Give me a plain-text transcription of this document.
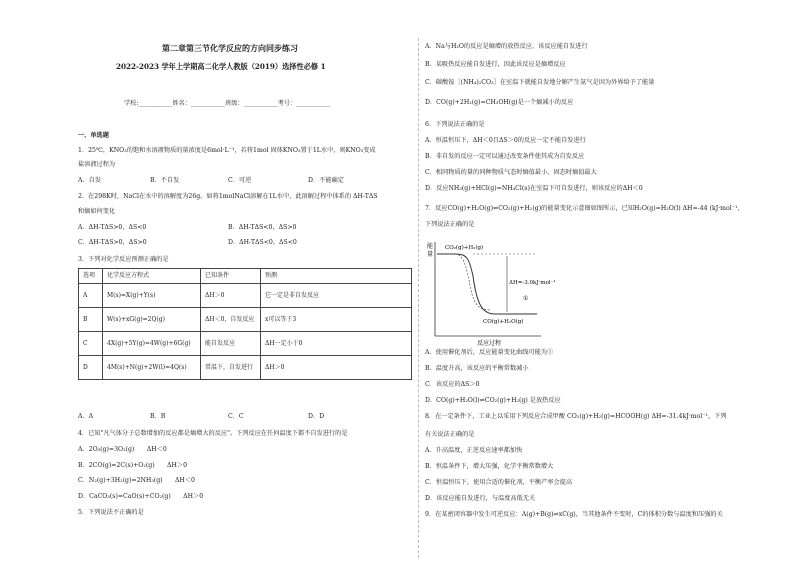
第二章第三节化学反应的方向同步练习
2022-2023 学年上学期高二化学人教版（2019）选择性必修 1
学校:___________姓名：___________班级：___________考号：___________
一、单选题
1．25℃，KNO₃的饱和水溶液物质的量浓度是6mol·L⁻¹，若将1mol 固体KNO₃置于1L水中，则KNO₃变成
盐溶液过程为
A．自发	B．不自发	C．可逆	D．不能确定
2．在298K时，NaCl在水中的溶解度为26g。如将1molNaCl溶解在1L水中，此溶解过程中体系的 ΔH-TΔS
和熵如何变化
A．ΔH-TΔS>0，ΔS<0	B．ΔH-TΔS<0，ΔS>0
C．ΔH-TΔS>0，ΔS>0	D．ΔH-TΔS<0，ΔS<0
3．下列对化学反应预测正确的是
选项	化学反应方程式	已知条件	预测
A	M(s)=X(g)+Y(s)	ΔH＞0	它一定是非自发反应
B	W(s)+xG(g)=2Q(g)	ΔH＜0，自发反应	x可以等于3
C	4X(g)+5Y(g)=4W(g)+6G(g)	能自发反应	ΔH一定小于0
D	4M(s)+N(g)+2W(l)=4Q(s)	常温下，自发进行	ΔH＞0
A．A	B．B	C．C	D．D
4．已知"凡气体分子总数增加的反应都是熵增大的反应"。下列反应在任何温度下都不自发进行的是
A．2O₃(g)=3O₂(g)　　ΔH＜0
B．2CO(g)=2C(s)+O₂(g)　　ΔH＞0
C．N₂(g)+3H₂(g)=2NH₃(g)　　ΔH＜0
D．CaCO₃(s)=CaO(s)+CO₂(g)　　ΔH＞0
5．下列说法不正确的是
A．Na与H₂O的反应是熵增的放热反应，该反应能自发进行
B．某吸热反应能自发进行，因此该反应是熵增反应
C．碳酸铵［(NH₄)₂CO₃］在室温下就能自发地分解产生氨气是因为外界给予了能量
D．CO(g)+2H₂(g)=CH₃OH(g)是一个熵减小的反应
6．下列说法正确的是
A．恒温恒压下，ΔH＜0且ΔS＞0的反应一定不能自发进行
B．非自发的反应一定可以通过改变条件使其成为自发反应
C．相同物质的量的同种物质气态时熵值最小，固态时熵值最大
D．反应NH₃(g)+HCl(g)=NH₄Cl(s)在室温下可自发进行，则该反应的ΔH＜0
7．反应CO(g)+H₂O(g)⇌CO₂(g)+H₂(g)的能量变化示意图如图所示，已知H₂O(g)=H₂O(l) ΔH=-44 (kJ·mol⁻¹，
下列说法正确的是
能
量
CO₂(g)+H₂(g)
ΔH=-3.0kJ·mol⁻¹
①
CO(g)+H₂O(g)
反应过程
A．使用催化剂后，反应能量变化曲线可能为①
B．温度升高，该反应的平衡常数减小
C．该反应的ΔS＞0
D．CO(g)+H₂O(l)⇌CO₂(g)+H₂(g) 是放热反应
8．在一定条件下，工业上以采用下列反应合成甲酸 CO₂(g)+H₂(g)=HCOOH(g) ΔH=-31.4kJ·mol⁻¹，下列
有关说法正确的是
A．升高温度，正逆反应速率都加快
B．恒温条件下，增大压强，化学平衡常数增大
C．恒温恒压下，使用合适的催化剂，平衡产率会提高
D．该反应能自发进行，与温度高低无关
9．在某密闭容器中发生可逆反应：A(g)+B(g)⇌xC(g)，当其他条件不变时，C的体积分数与温度和压强的关
